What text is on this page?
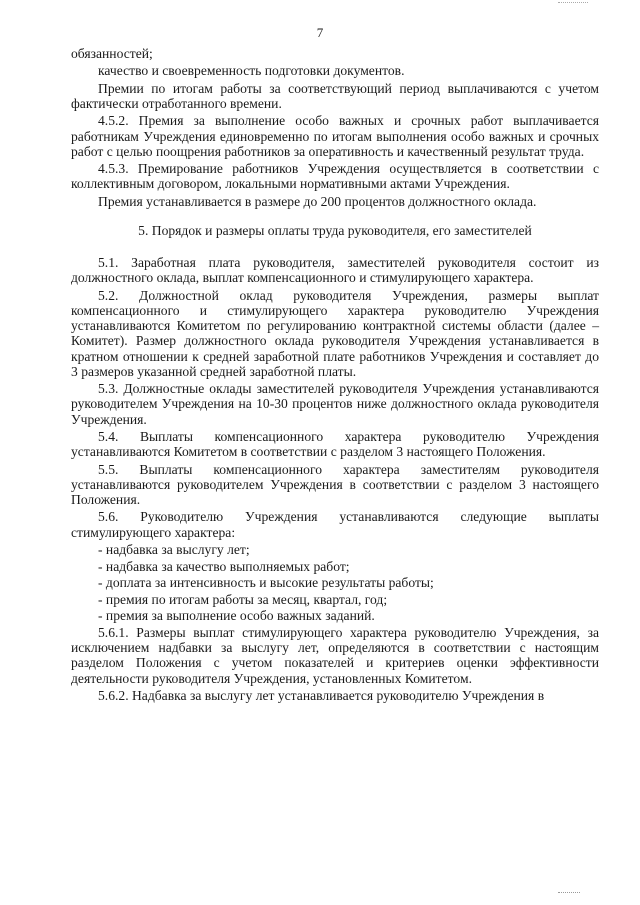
7

обязанностей;

качество и своевременность подготовки документов.

Премии по итогам работы за соответствующий период выплачиваются с учетом фактически отработанного времени.

4.5.2. Премия за выполнение особо важных и срочных работ выплачивается работникам Учреждения единовременно по итогам выполнения особо важных и срочных работ с целью поощрения работников за оперативность и качественный результат труда.

4.5.3. Премирование работников Учреждения осуществляется в соответствии с коллективным договором, локальными нормативными актами Учреждения.

Премия устанавливается в размере до 200 процентов должностного оклада.

5. Порядок и размеры оплаты труда руководителя, его заместителей

5.1. Заработная плата руководителя, заместителей руководителя состоит из должностного оклада, выплат компенсационного и стимулирующего характера.

5.2. Должностной оклад руководителя Учреждения, размеры выплат компенсационного и стимулирующего характера руководителю Учреждения устанавливаются Комитетом по регулированию контрактной системы области (далее – Комитет). Размер должностного оклада руководителя Учреждения устанавливается в кратном отношении к средней заработной плате работников Учреждения и составляет до 3 размеров указанной средней заработной платы.

5.3. Должностные оклады заместителей руководителя Учреждения устанавливаются руководителем Учреждения на 10-30 процентов ниже должностного оклада руководителя Учреждения.

5.4. Выплаты компенсационного характера руководителю Учреждения устанавливаются Комитетом в соответствии с разделом 3 настоящего Положения.

5.5. Выплаты компенсационного характера заместителям руководителя устанавливаются руководителем Учреждения в соответствии с разделом 3 настоящего Положения.

5.6. Руководителю Учреждения устанавливаются следующие выплаты стимулирующего характера:

- надбавка за выслугу лет;

- надбавка за качество выполняемых работ;

- доплата за интенсивность и высокие результаты работы;

- премия по итогам работы за месяц, квартал, год;

- премия за выполнение особо важных заданий.

5.6.1. Размеры выплат стимулирующего характера руководителю Учреждения, за исключением надбавки за выслугу лет, определяются в соответствии с настоящим разделом Положения с учетом показателей и критериев оценки эффективности деятельности руководителя Учреждения, установленных Комитетом.

5.6.2. Надбавка за выслугу лет устанавливается руководителю Учреждения в
